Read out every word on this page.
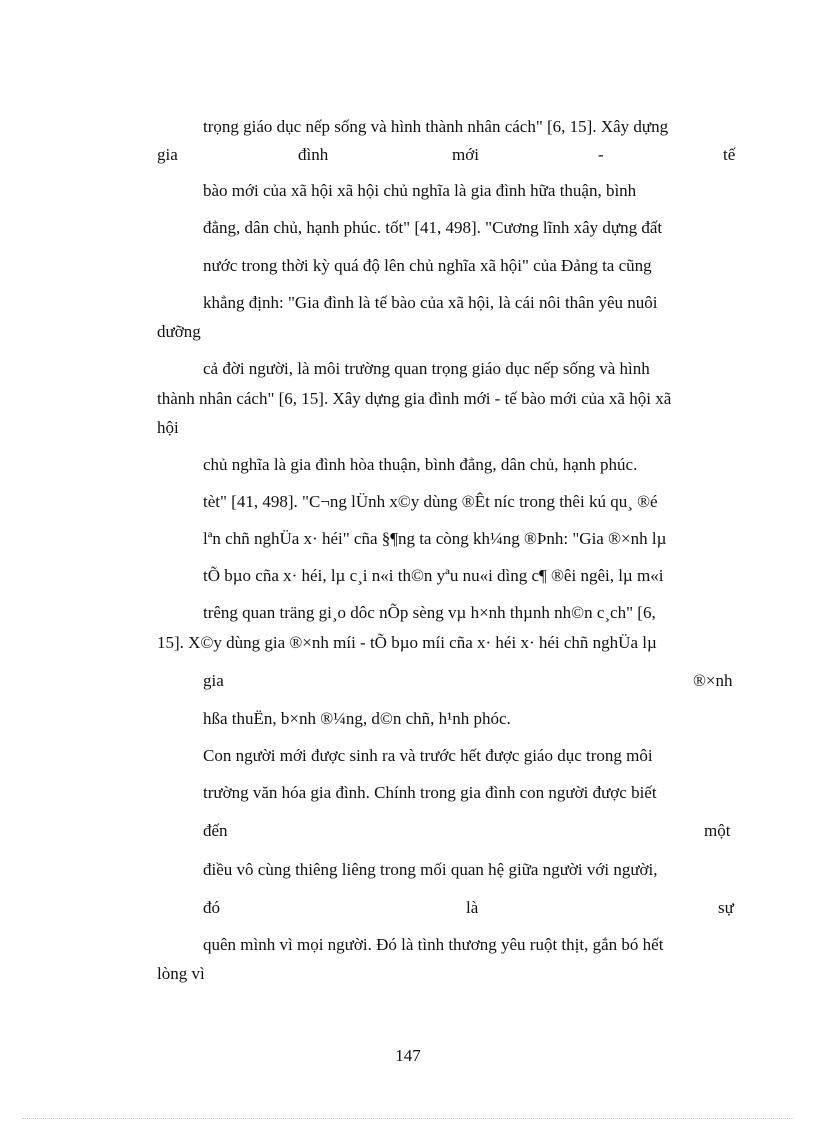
trọng giáo dục nếp sống và hình thành nhân cách" [6, 15]. Xây dựng

gia	đình	mới	-	tế

bào mới của xã hội xã hội chủ nghĩa là gia đình hữa thuận, bình

đẳng, dân chủ, hạnh phúc. tốt" [41, 498]. "Cương lĩnh xây dựng đất

nước trong thời kỳ quá độ lên chủ nghĩa xã hội" của Đảng ta cũng

khẳng định: "Gia đình là tế bào của xã hội, là cái nôi thân yêu nuôi

dưỡng

cả đời người, là môi trường quan trọng giáo dục nếp sống và hình

thành nhân cách" [6, 15]. Xây dựng gia đình mới - tế bào mới của xã hội xã

hội

chủ nghĩa là gia đình hòa thuận, bình đẳng, dân chủ, hạnh phúc.

tèt" [41, 498]. "C¬ng lÜnh x©y dùng ®Êt níc trong thêi kú qu¸ ®é

lªn chñ nghÜa x· héi" cña §¶ng ta còng kh¼ng ®Þnh: "Gia ®×nh lµ

tÕ bµo cña x· héi, lµ c¸i n«i th©n yªu nu«i dìng c¶ ®êi ngêi, lµ m«i

trêng quan träng gi¸o dôc nÕp sèng vµ h×nh thµnh nh©n c¸ch" [6,

15]. X©y dùng gia ®×nh míi - tÕ bµo míi cña x· héi x· héi chñ nghÜa lµ

gia	®×nh

hßa thuËn, b×nh ®¼ng, d©n chñ, h¹nh phóc.

Con người mới được sinh ra và trước hết được giáo dục trong môi

trường văn hóa gia đình. Chính trong gia đình con người được biết

đến	một

điều vô cùng thiêng liêng trong mối quan hệ giữa người với người,

đó	là	sự

quên mình vì mọi người. Đó là tình thương yêu ruột thịt, gắn bó hết

lòng vì

147
